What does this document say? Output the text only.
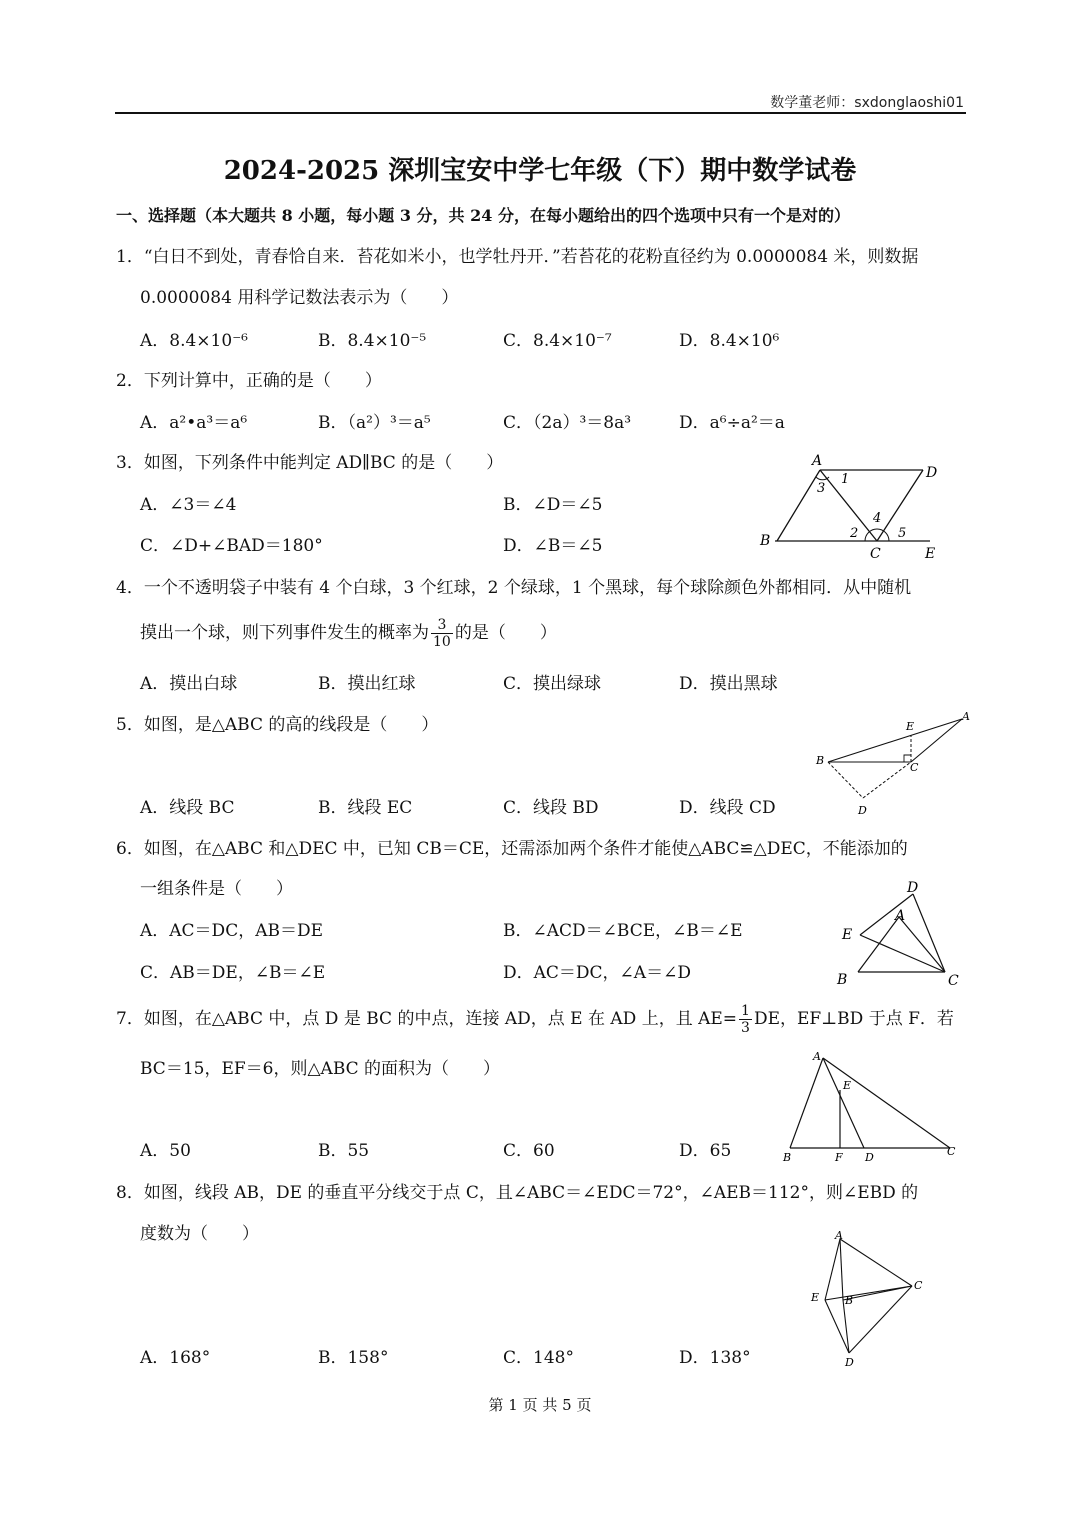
数学董老师：sxdonglaoshi01
2024-2025 深圳宝安中学七年级（下）期中数学试卷
一、选择题（本大题共 8 小题，每小题 3 分，共 24 分，在每小题给出的四个选项中只有一个是对的）
1．“白日不到处，青春恰自来．苔花如米小，也学牡丹开．”若苔花的花粉直径约为 0.0000084 米，则数据
0.0000084 用科学记数法表示为（　　）
A．8.4×10⁻⁶	B．8.4×10⁻⁵	C．8.4×10⁻⁷	D．8.4×10⁶
2．下列计算中，正确的是（　　）
A．a²•a³＝a⁶	B．（a²）³＝a⁵	C．（2a）³＝8a³	D．a⁶÷a²＝a
3．如图，下列条件中能判定 AD∥BC 的是（　　）
A．∠3＝∠4	B．∠D＝∠5
C．∠D+∠BAD＝180°	D．∠B＝∠5
A
D
B
C	E
1
2
3
4
5
4．一个不透明袋子中装有 4 个白球，3 个红球，2 个绿球，1 个黑球，每个球除颜色外都相同．从中随机
摸出一个球，则下列事件发生的概率为 $\frac{3}{10}$ 的是（　　）
A．摸出白球	B．摸出红球	C．摸出绿球	D．摸出黑球
5．如图，是△ABC 的高的线段是（　　）
A．线段 BC	B．线段 EC	C．线段 BD	D．线段 CD
E
A
B
C
D
6．如图，在△ABC 和△DEC 中，已知 CB＝CE，还需添加两个条件才能使△ABC≌△DEC，不能添加的
一组条件是（　　）
A．AC＝DC，AB＝DE	B．∠ACD＝∠BCE，∠B＝∠E
C．AB＝DE，∠B＝∠E	D．AC＝DC，∠A＝∠D
D
A
E
B	C
7．如图，在△ABC 中，点 D 是 BC 的中点，连接 AD，点 E 在 AD 上，且 $AE= \frac{1}{3}$ DE，EF⊥BD 于点 F．若
BC＝15，EF＝6，则△ABC 的面积为（　　）
A．50	B．55	C．60	D．65
A
E
B	F D	C
8．如图，线段 AB，DE 的垂直平分线交于点 C，且∠ABC＝∠EDC＝72°，∠AEB＝112°，则∠EBD 的
度数为（　　）
A．168°	B．158°	C．148°	D．138°
A
C
E B
D
第 1 页 共 5 页
